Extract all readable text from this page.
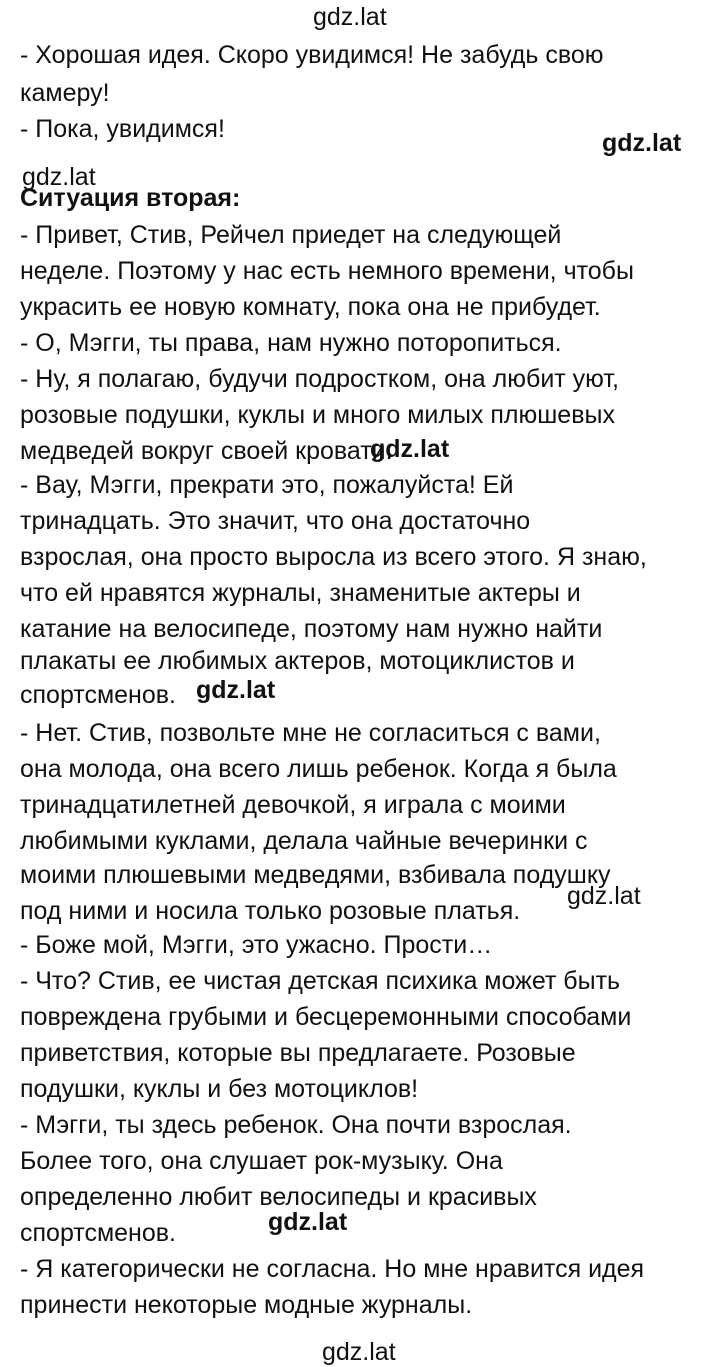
gdz.lat
gdz.lat
gdz.lat
gdz.lat
gdz.lat
gdz.lat
gdz.lat
gdz.lat
- Хорошая идея. Скоро увидимся! Не забудь свою
камеру!
- Пока, увидимся!
Ситуация вторая:
- Привет, Стив, Рейчел приедет на следующей
неделе. Поэтому у нас есть немного времени, чтобы
украсить ее новую комнату, пока она не прибудет.
- О, Мэгги, ты права, нам нужно поторопиться.
- Ну, я полагаю, будучи подростком, она любит уют,
розовые подушки, куклы и много милых плюшевых
медведей вокруг своей кровати.
- Вау, Мэгги, прекрати это, пожалуйста! Ей
тринадцать. Это значит, что она достаточно
взрослая, она просто выросла из всего этого. Я знаю,
что ей нравятся журналы, знаменитые актеры и
катание на велосипеде, поэтому нам нужно найти
плакаты ее любимых актеров, мотоциклистов и
спортсменов.
- Нет. Стив, позвольте мне не согласиться с вами,
она молода, она всего лишь ребенок. Когда я была
тринадцатилетней девочкой, я играла с моими
любимыми куклами, делала чайные вечеринки с
моими плюшевыми медведями, взбивала подушку
под ними и носила только розовые платья.
- Боже мой, Мэгги, это ужасно. Прости…
- Что? Стив, ее чистая детская психика может быть
повреждена грубыми и бесцеремонными способами
приветствия, которые вы предлагаете. Розовые
подушки, куклы и без мотоциклов!
- Мэгги, ты здесь ребенок. Она почти взрослая.
Более того, она слушает рок-музыку. Она
определенно любит велосипеды и красивых
спортсменов.
- Я категорически не согласна. Но мне нравится идея
принести некоторые модные журналы.
